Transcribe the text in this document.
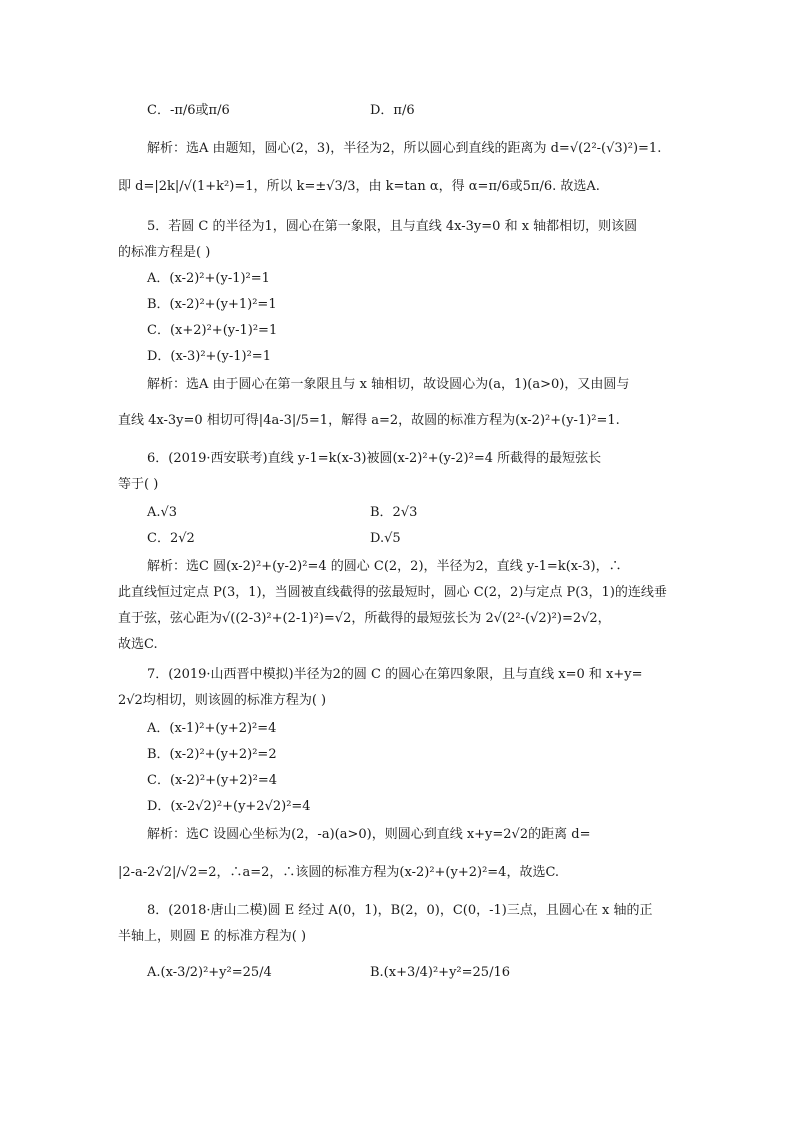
C．-π/6或π/6	D．π/6
解析：选A 由题知，圆心(2，3)，半径为2，所以圆心到直线的距离为 d=√(2²-(√3)²)=1.
即 d=|2k|/√(1+k²)=1，所以 k=±√3/3，由 k=tan α，得 α=π/6或5π/6. 故选A.
5．若圆 C 的半径为1，圆心在第一象限，且与直线 4x-3y=0 和 x 轴都相切，则该圆
的标准方程是( )
A．(x-2)²+(y-1)²=1
B．(x-2)²+(y+1)²=1
C．(x+2)²+(y-1)²=1
D．(x-3)²+(y-1)²=1
解析：选A 由于圆心在第一象限且与 x 轴相切，故设圆心为(a，1)(a>0)，又由圆与
直线 4x-3y=0 相切可得|4a-3|/5=1，解得 a=2，故圆的标准方程为(x-2)²+(y-1)²=1.
6．(2019·西安联考)直线 y-1=k(x-3)被圆(x-2)²+(y-2)²=4 所截得的最短弦长
等于( )
A.√3	B．2√3
C．2√2	D.√5
解析：选C 圆(x-2)²+(y-2)²=4 的圆心 C(2，2)，半径为2，直线 y-1=k(x-3)，∴
此直线恒过定点 P(3，1)，当圆被直线截得的弦最短时，圆心 C(2，2)与定点 P(3，1)的连线垂
直于弦，弦心距为√((2-3)²+(2-1)²)=√2，所截得的最短弦长为 2√(2²-(√2)²)=2√2，
故选C.
7．(2019·山西晋中模拟)半径为2的圆 C 的圆心在第四象限，且与直线 x=0 和 x+y=
2√2均相切，则该圆的标准方程为( )
A．(x-1)²+(y+2)²=4
B．(x-2)²+(y+2)²=2
C．(x-2)²+(y+2)²=4
D．(x-2√2)²+(y+2√2)²=4
解析：选C 设圆心坐标为(2，-a)(a>0)，则圆心到直线 x+y=2√2的距离 d=
|2-a-2√2|/√2=2，∴a=2，∴该圆的标准方程为(x-2)²+(y+2)²=4，故选C.
8．(2018·唐山二模)圆 E 经过 A(0，1)，B(2，0)，C(0，-1)三点，且圆心在 x 轴的正
半轴上，则圆 E 的标准方程为( )
A.(x-3/2)²+y²=25/4	B.(x+3/4)²+y²=25/16
